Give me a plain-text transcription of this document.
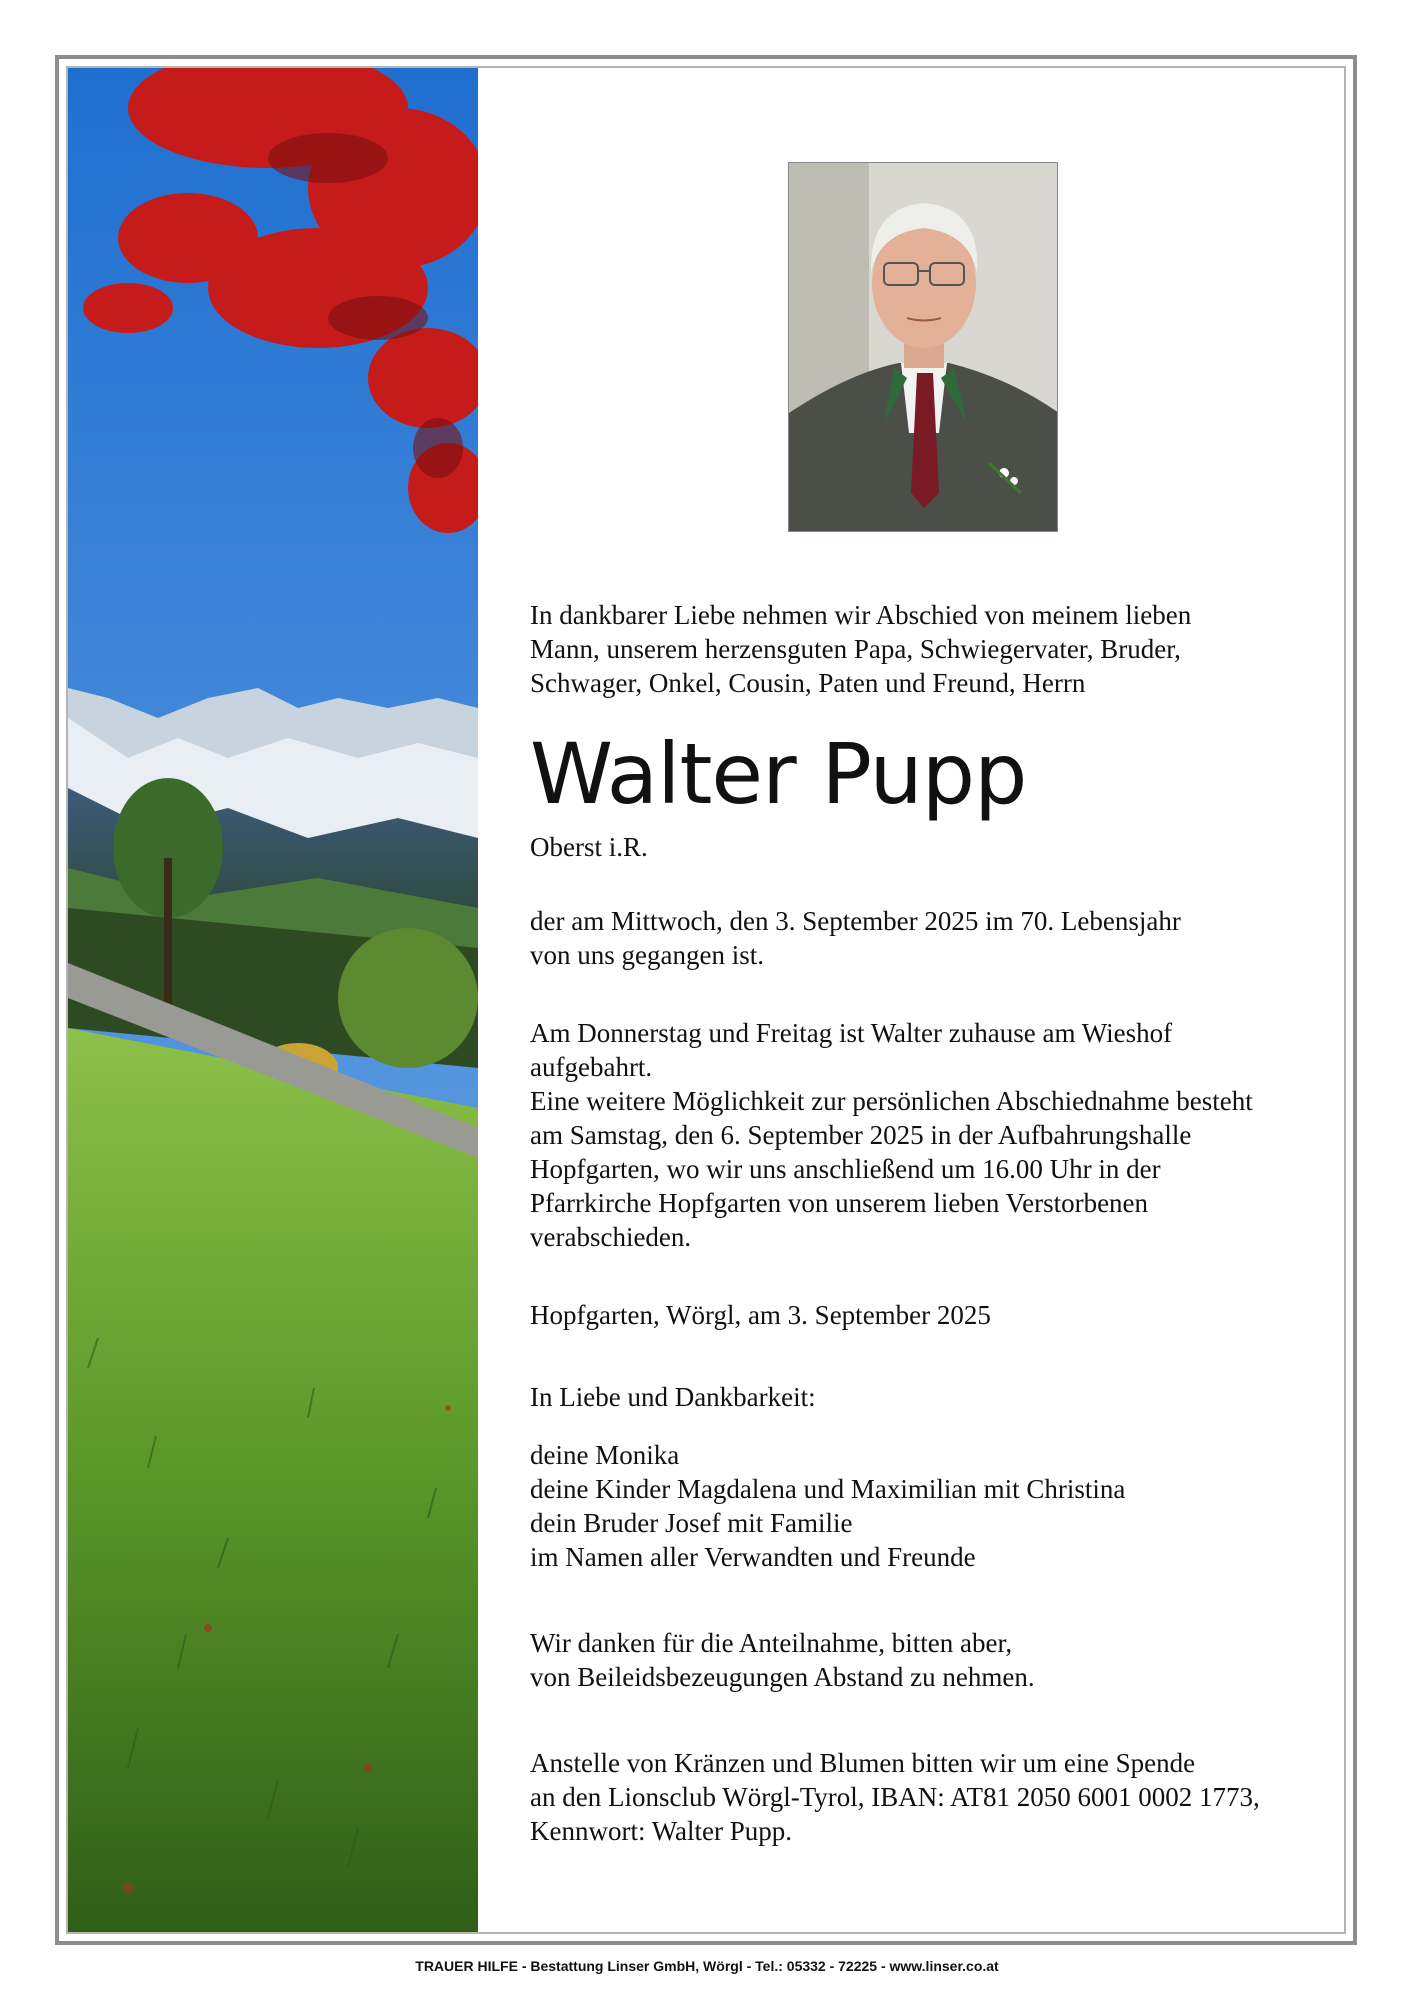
In dankbarer Liebe nehmen wir Abschied von meinem lieben
Mann, unserem herzensguten Papa, Schwiegervater, Bruder,
Schwager, Onkel, Cousin, Paten und Freund, Herrn

Walter Pupp

Oberst i.R.

der am Mittwoch, den 3. September 2025 im 70. Lebensjahr
von uns gegangen ist.

Am Donnerstag und Freitag ist Walter zuhause am Wieshof
aufgebahrt.
Eine weitere Möglichkeit zur persönlichen Abschiednahme besteht
am Samstag, den 6. September 2025 in der Aufbahrungshalle
Hopfgarten, wo wir uns anschließend um 16.00 Uhr in der
Pfarrkirche Hopfgarten von unserem lieben Verstorbenen
verabschieden.

Hopfgarten, Wörgl, am 3. September 2025

In Liebe und Dankbarkeit:

deine Monika
deine Kinder Magdalena und Maximilian mit Christina
dein Bruder Josef mit Familie
im Namen aller Verwandten und Freunde

Wir danken für die Anteilnahme, bitten aber,
von Beileidsbezeugungen Abstand zu nehmen.

Anstelle von Kränzen und Blumen bitten wir um eine Spende
an den Lionsclub Wörgl-Tyrol, IBAN: AT81 2050 6001 0002 1773,
Kennwort: Walter Pupp.

TRAUER HILFE - Bestattung Linser GmbH, Wörgl - Tel.: 05332 - 72225 - www.linser.co.at
